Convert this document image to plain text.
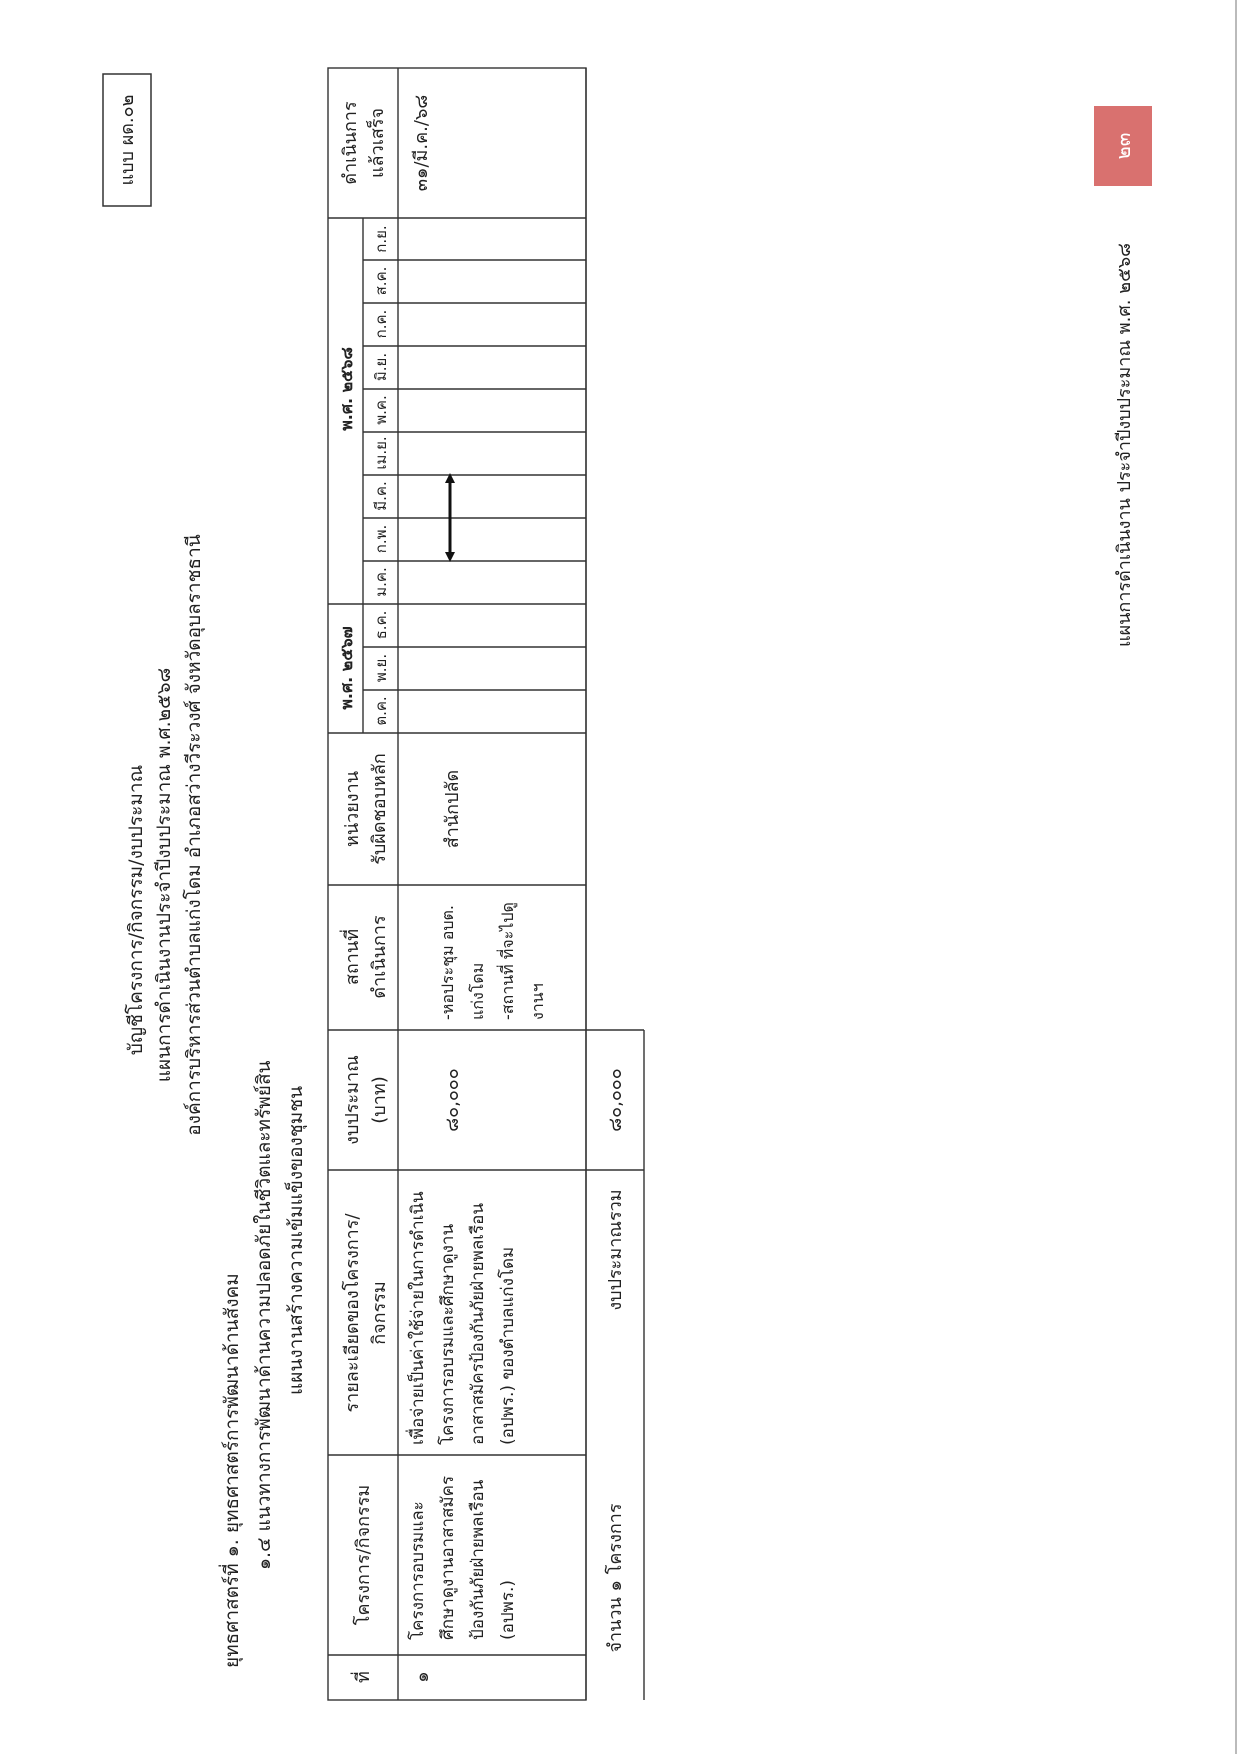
แบบ ผด.๐๒
บัญชีโครงการ/กิจกรรม/งบประมาณ แผนการดำเนินงานประจำปีงบประมาณ พ.ศ.๒๕๖๘ องค์การบริหารส่วนตำบลแก่งโดม อำเภอสว่างวีระวงศ์ จังหวัดอุบลราชธานี
ยุทธศาสตร์ที่ ๑. ยุทธศาสตร์การพัฒนาด้านสังคม ๑.๔ แนวทางการพัฒนาด้านความปลอดภัยในชีวิตและทรัพย์สิน แผนงานสร้างความเข้มแข็งของชุมชน
ที่
โครงการ/กิจกรรม
รายละเอียดของโครงการ/ กิจกรรม
งบประมาณ (บาท)
สถานที่ ดำเนินการ
หน่วยงาน รับผิดชอบหลัก
พ.ศ. ๒๕๖๗
พ.ศ. ๒๕๖๘
ดำเนินการ แล้วเสร็จ
ต.ค.
พ.ย.
ธ.ค.
ม.ค.
ก.พ.
มี.ค.
เม.ย.
พ.ค.
มิ.ย.
ก.ค.
ส.ค.
ก.ย.
๑
โครงการอบรมและ ศึกษาดูงานอาสาสมัคร ป้องกันภัยฝ่ายพลเรือน (อปพร.)
เพื่อจ่ายเป็นค่าใช้จ่ายในการดำเนิน โครงการอบรมและศึกษาดูงาน อาสาสมัครป้องกันภัยฝ่ายพลเรือน (อปพร.) ของตำบลแก่งโดม
๘๐,๐๐๐
-หอประชุม อบต. แก่งโดม -สถานที่ ที่จะไปดู งานฯ
สำนักปลัด
๓๑/มี.ค./๖๘
จำนวน ๑ โครงการ
งบประมาณรวม
๘๐,๐๐๐
๒๓
แผนการดำเนินงาน ประจำปีงบประมาณ พ.ศ. ๒๕๖๘
